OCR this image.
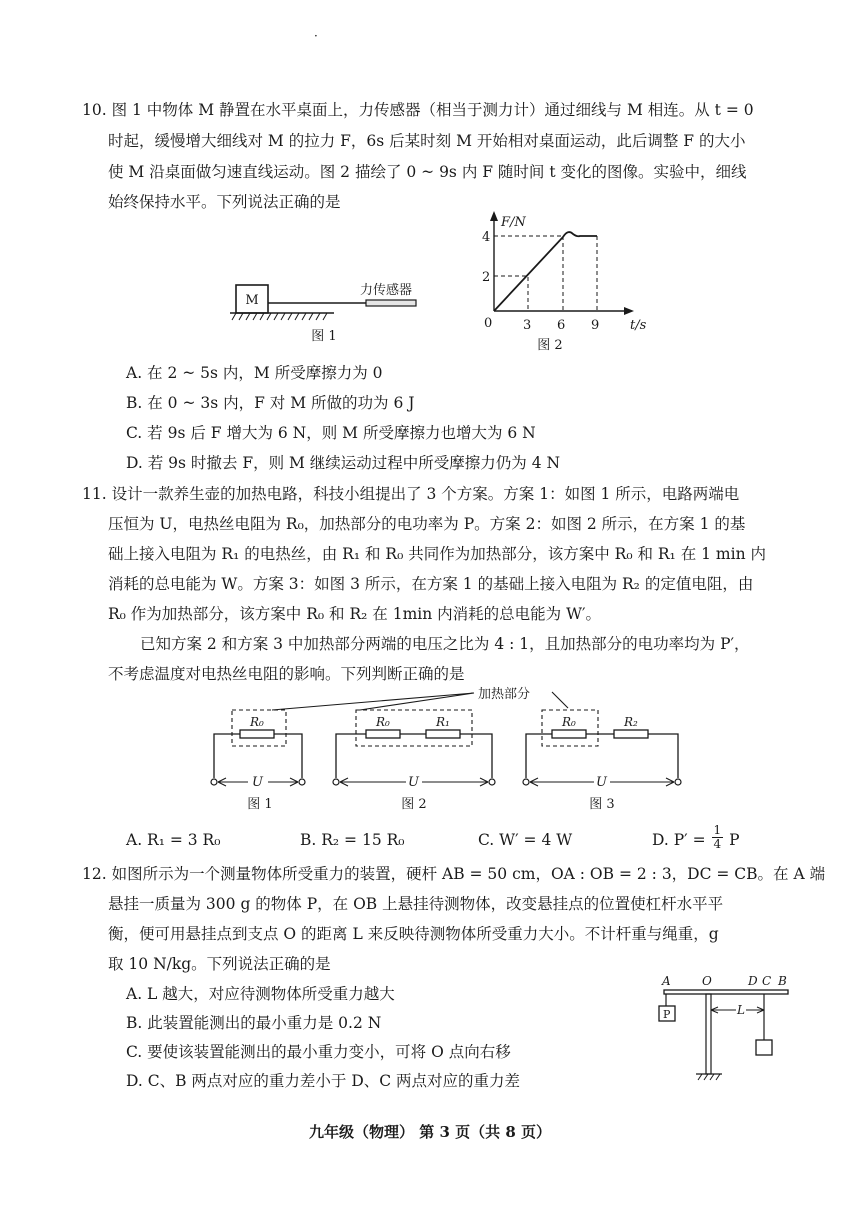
·
10. 图 1 中物体 M 静置在水平桌面上，力传感器（相当于测力计）通过细线与 M 相连。从 t = 0
时起，缓慢增大细线对 M 的拉力 F，6s 后某时刻 M 开始相对桌面运动，此后调整 F 的大小
使 M 沿桌面做匀速直线运动。图 2 描绘了 0 ~ 9s 内 F 随时间 t 变化的图像。实验中，细线
始终保持水平。下列说法正确的是
M
力传感器
图 1
F/N
t/s
0
2
4
3 6 9
图 2
A. 在 2 ~ 5s 内，M 所受摩擦力为 0
B. 在 0 ~ 3s 内，F 对 M 所做的功为 6 J
C. 若 9s 后 F 增大为 6 N，则 M 所受摩擦力也增大为 6 N
D. 若 9s 时撤去 F，则 M 继续运动过程中所受摩擦力仍为 4 N
11. 设计一款养生壶的加热电路，科技小组提出了 3 个方案。方案 1：如图 1 所示，电路两端电
压恒为 U，电热丝电阻为 R₀，加热部分的电功率为 P。方案 2：如图 2 所示，在方案 1 的基
础上接入电阻为 R₁ 的电热丝，由 R₁ 和 R₀ 共同作为加热部分，该方案中 R₀ 和 R₁ 在 1 min 内
消耗的总电能为 W。方案 3：如图 3 所示，在方案 1 的基础上接入电阻为 R₂ 的定值电阻，由
R₀ 作为加热部分，该方案中 R₀ 和 R₂ 在 1min 内消耗的总电能为 W′。
已知方案 2 和方案 3 中加热部分两端的电压之比为 4 : 1，且加热部分的电功率均为 P′，
不考虑温度对电热丝电阻的影响。下列判断正确的是
加热部分
R₀
U
图 1
R₀	R₁
U
图 2
R₀	R₂
U
图 3
A. R₁ = 3 R₀	B. R₂ = 15 R₀	C. W′ = 4 W	D. $P' = \frac{1}{4}$ P
12. 如图所示为一个测量物体所受重力的装置，硬杆 AB = 50 cm，OA : OB = 2 : 3，DC = CB。在 A 端
悬挂一质量为 300 g 的物体 P，在 OB 上悬挂待测物体，改变悬挂点的位置使杠杆水平平
衡，便可用悬挂点到支点 O 的距离 L 来反映待测物体所受重力大小。不计杆重与绳重，g
取 10 N/kg。下列说法正确的是
A. L 越大，对应待测物体所受重力越大
B. 此装置能测出的最小重力是 0.2 N
C. 要使该装置能测出的最小重力变小，可将 O 点向右移
D. C、B 两点对应的重力差小于 D、C 两点对应的重力差
A	O	D C B
P	L
九年级（物理） 第 3 页（共 8 页）
